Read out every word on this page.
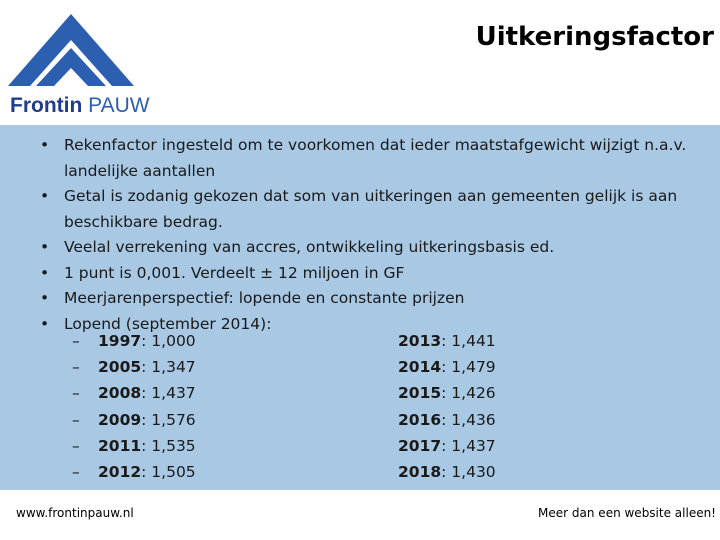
Frontin PAUW
Uitkeringsfactor
• Rekenfactor ingesteld om te voorkomen dat ieder maatstafgewicht wijzigt n.a.v. landelijke aantallen
• Getal is zodanig gekozen dat som van uitkeringen aan gemeenten gelijk is aan beschikbare bedrag.
• Veelal verrekening van accres, ontwikkeling uitkeringsbasis ed.
• 1 punt is 0,001. Verdeelt ± 12 miljoen in GF
• Meerjarenperspectief: lopende en constante prijzen
• Lopend (september 2014):
– 1997: 1,000	2013: 1,441
– 2005: 1,347	2014: 1,479
– 2008: 1,437	2015: 1,426
– 2009: 1,576	2016: 1,436
– 2011: 1,535	2017: 1,437
– 2012: 1,505	2018: 1,430
www.frontinpauw.nl	Meer dan een website alleen!
